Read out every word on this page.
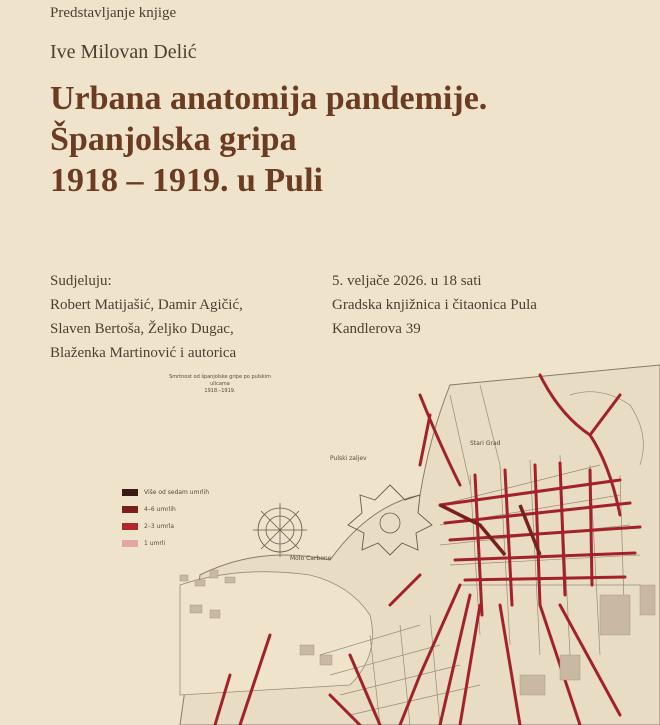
Predstavljanje knjige
Ive Milovan Delić
Urbana anatomija pandemije.
Španjolska gripa
1918 – 1919. u Puli
Sudjeluju:
Robert Matijašić, Damir Agičić,
Slaven Bertoša, Željko Dugac,
Blaženka Martinović i autorica
5. veljače 2026. u 18 sati
Gradska knjižnica i čitaonica Pula
Kandlerova 39
Smrtnost od španjolske gripe po pulskim ulicama
1918.–1919.
Pulski zaljev
Molo Carbone
Stari Grad
Više od sedam umrlih
4–6 umrlih
2–3 umrla
1 umrli
